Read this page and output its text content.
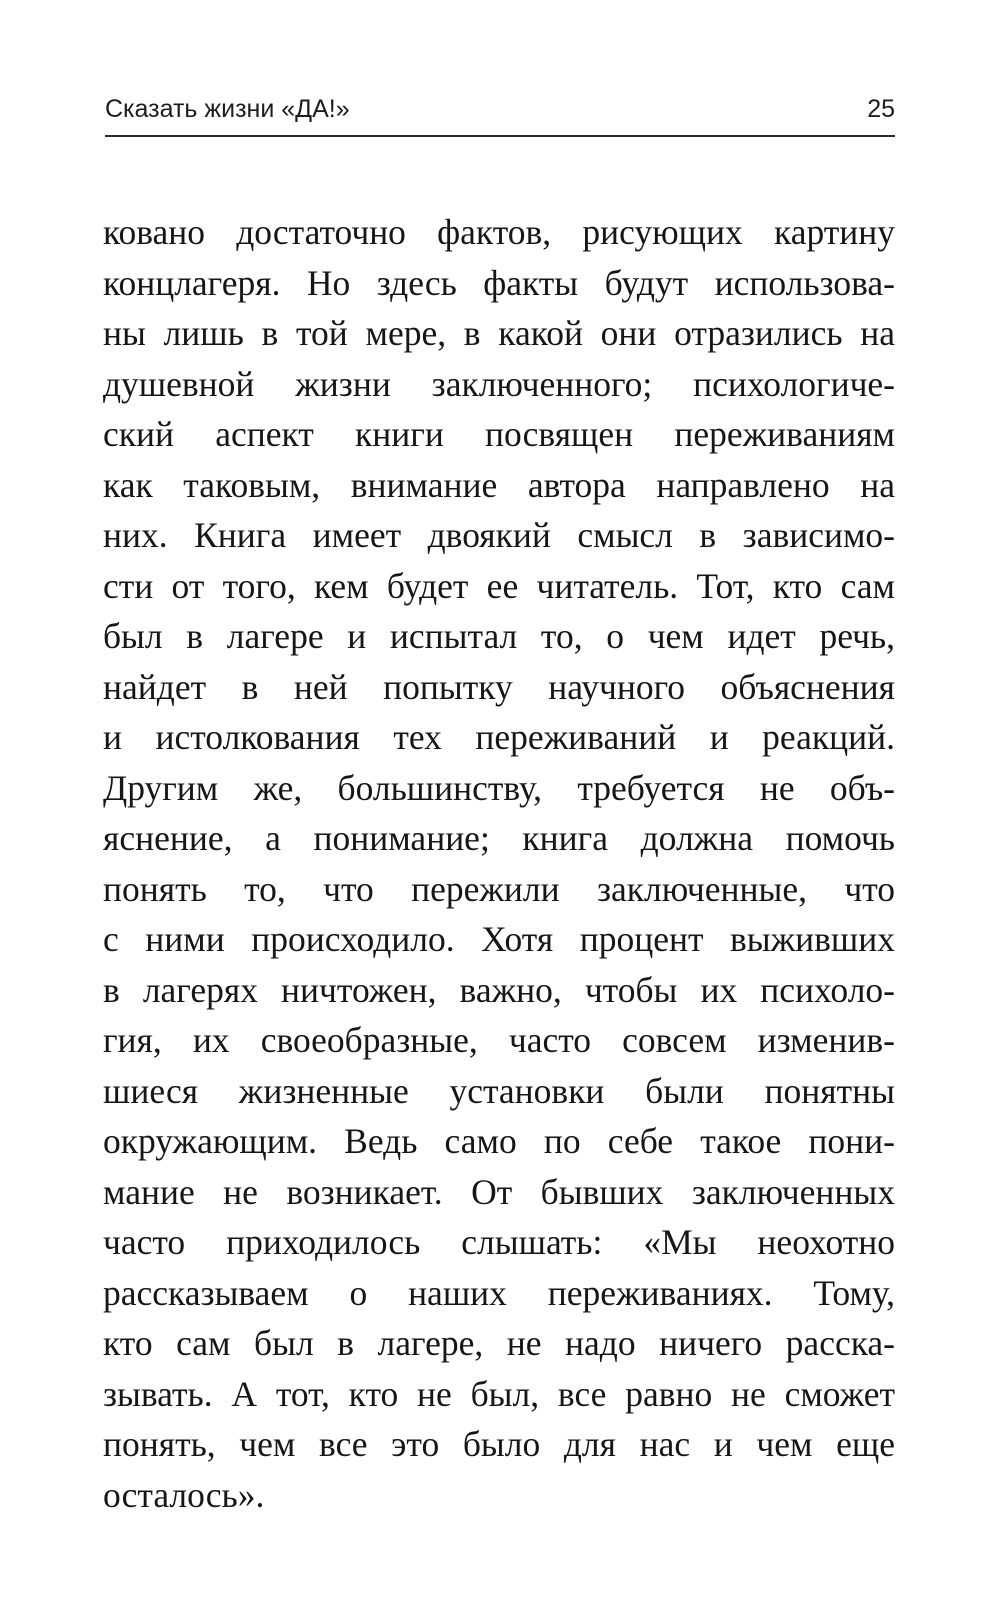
Сказать жизни «ДА!»	25
ковано достаточно фактов, рисующих картину
концлагеря. Но здесь факты будут использова-
ны лишь в той мере, в какой они отразились на
душевной жизни заключенного; психологиче-
ский аспект книги посвящен переживаниям
как таковым, внимание автора направлено на
них. Книга имеет двоякий смысл в зависимо-
сти от того, кем будет ее читатель. Тот, кто сам
был в лагере и испытал то, о чем идет речь,
найдет в ней попытку научного объяснения
и истолкования тех переживаний и реакций.
Другим же, большинству, требуется не объ-
яснение, а понимание; книга должна помочь
понять то, что пережили заключенные, что
с ними происходило. Хотя процент выживших
в лагерях ничтожен, важно, чтобы их психоло-
гия, их своеобразные, часто совсем изменив-
шиеся жизненные установки были понятны
окружающим. Ведь само по себе такое пони-
мание не возникает. От бывших заключенных
часто приходилось слышать: «Мы неохотно
рассказываем о наших переживаниях. Тому,
кто сам был в лагере, не надо ничего расска-
зывать. А тот, кто не был, все равно не сможет
понять, чем все это было для нас и чем еще
осталось».
